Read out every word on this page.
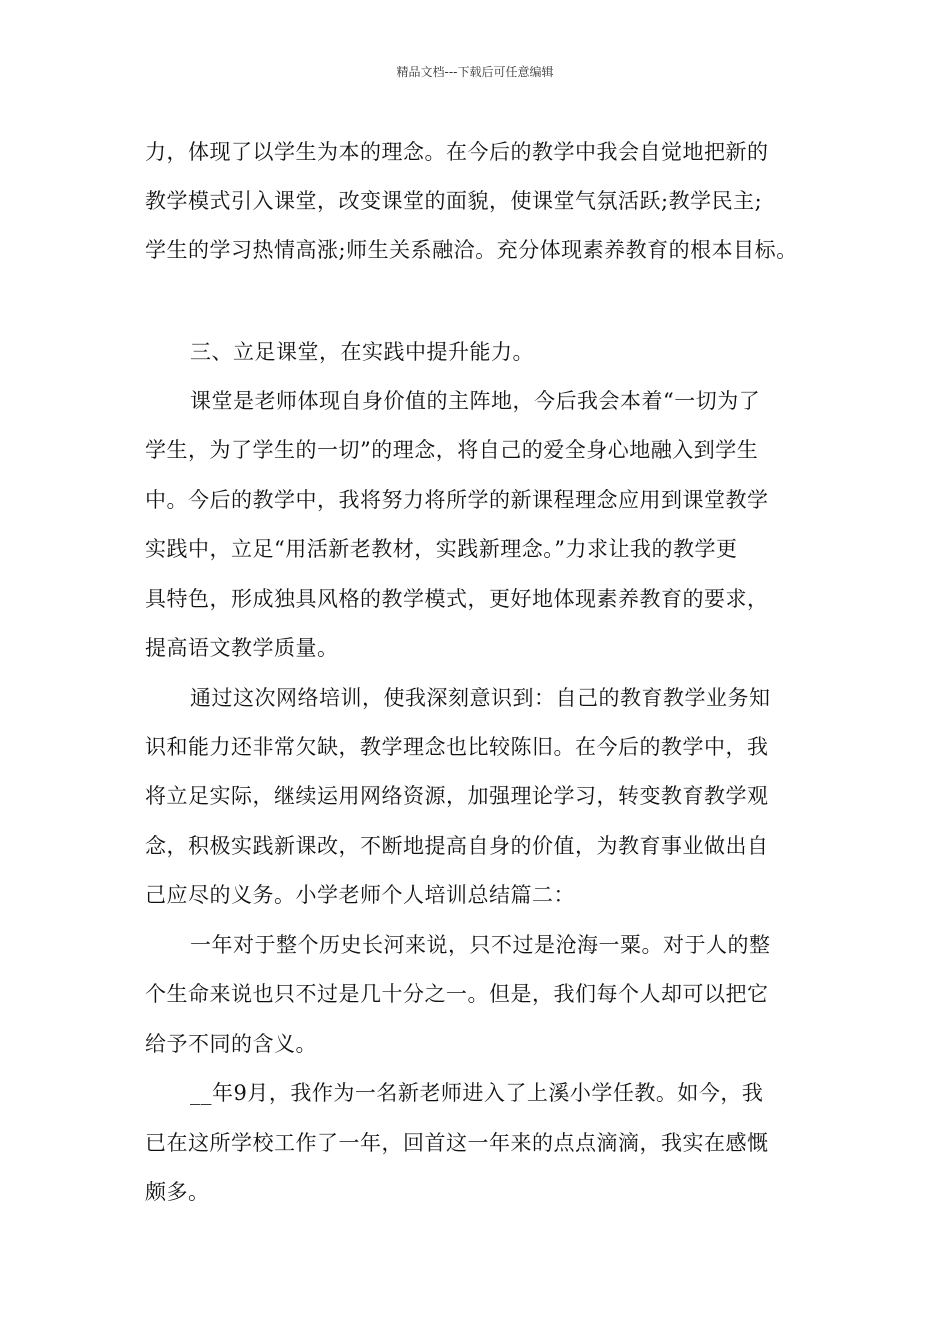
精品文档---下载后可任意编辑
力，体现了以学生为本的理念。在今后的教学中我会自觉地把新的
教学模式引入课堂，改变课堂的面貌，使课堂气氛活跃;教学民主;
学生的学习热情高涨;师生关系融洽。充分体现素养教育的根本目标。
三、立足课堂，在实践中提升能力。
课堂是老师体现自身价值的主阵地，今后我会本着“一切为了
学生，为了学生的一切”的理念，将自己的爱全身心地融入到学生
中。今后的教学中，我将努力将所学的新课程理念应用到课堂教学
实践中，立足“用活新老教材，实践新理念。”力求让我的教学更
具特色，形成独具风格的教学模式，更好地体现素养教育的要求，
提高语文教学质量。
通过这次网络培训，使我深刻意识到：自己的教育教学业务知
识和能力还非常欠缺，教学理念也比较陈旧。在今后的教学中，我
将立足实际，继续运用网络资源，加强理论学习，转变教育教学观
念，积极实践新课改，不断地提高自身的价值，为教育事业做出自
己应尽的义务。小学老师个人培训总结篇二：
一年对于整个历史长河来说，只不过是沧海一粟。对于人的整
个生命来说也只不过是几十分之一。但是，我们每个人却可以把它
给予不同的含义。
__年9月，我作为一名新老师进入了上溪小学任教。如今，我
已在这所学校工作了一年，回首这一年来的点点滴滴，我实在感慨
颇多。
